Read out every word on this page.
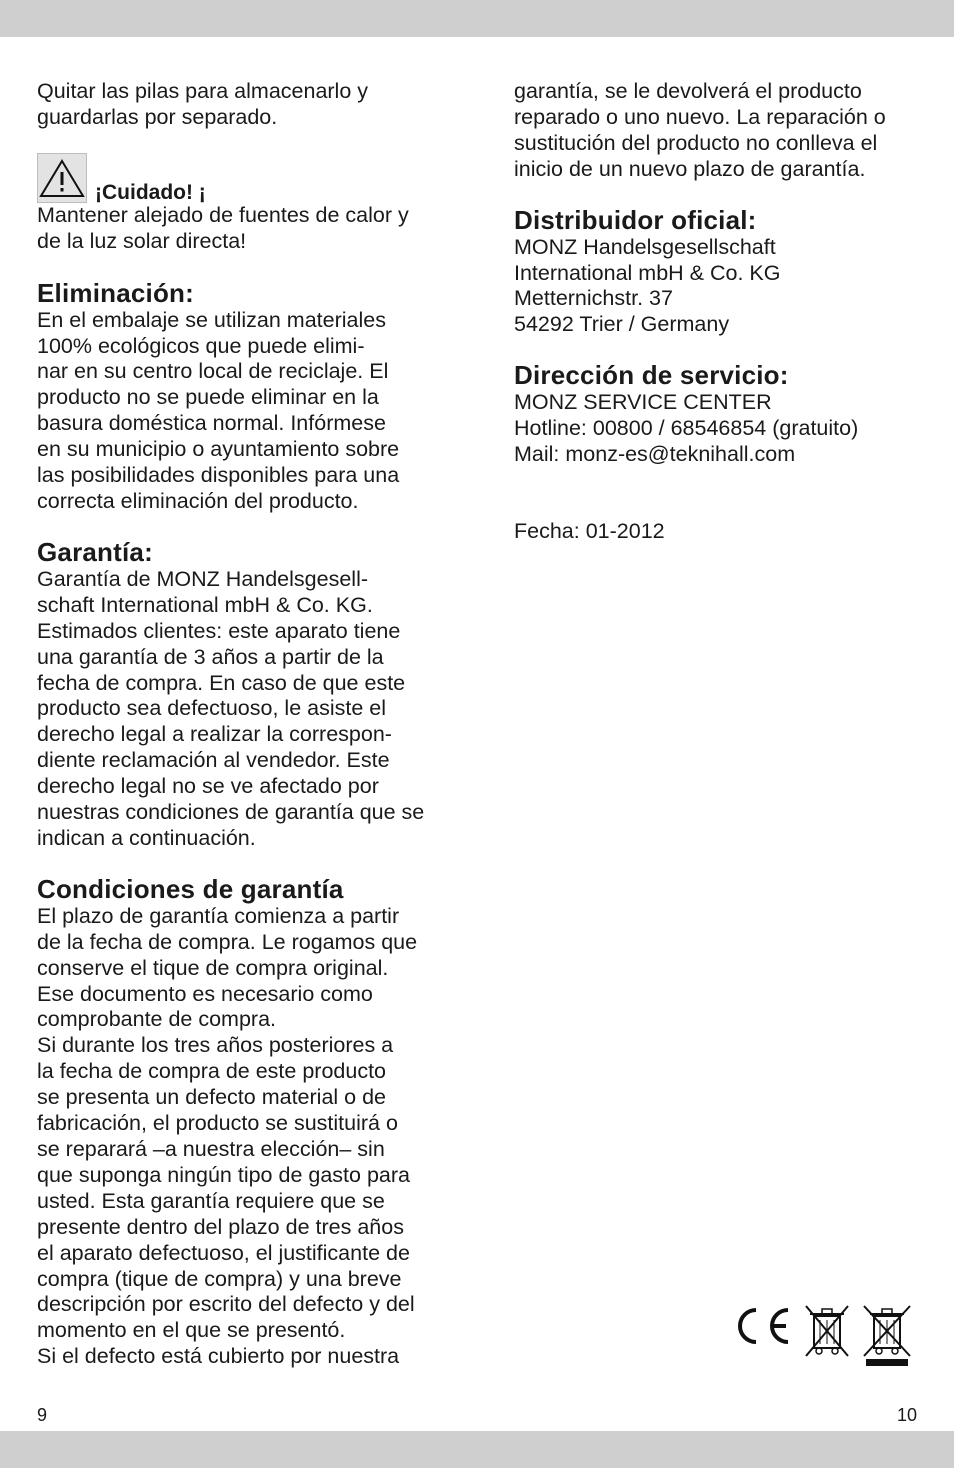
Quitar las pilas para almacenarlo y
guardarlas por separado.

¡Cuidado! ¡

Mantener alejado de fuentes de calor y
de la luz solar directa!

Eliminación:

En el embalaje se utilizan materiales
100% ecológicos que puede elimi-
nar en su centro local de reciclaje. El
producto no se puede eliminar en la
basura doméstica normal. Infórmese
en su municipio o ayuntamiento sobre
las posibilidades disponibles para una
correcta eliminación del producto.

Garantía:

Garantía de MONZ Handelsgesell-
schaft International mbH & Co. KG.
Estimados clientes: este aparato tiene
una garantía de 3 años a partir de la
fecha de compra. En caso de que este
producto sea defectuoso, le asiste el
derecho legal a realizar la correspon-
diente reclamación al vendedor. Este
derecho legal no se ve afectado por
nuestras condiciones de garantía que se
indican a continuación.

Condiciones de garantía

El plazo de garantía comienza a partir
de la fecha de compra. Le rogamos que
conserve el tique de compra original.
Ese documento es necesario como
comprobante de compra.
Si durante los tres años posteriores a
la fecha de compra de este producto
se presenta un defecto material o de
fabricación, el producto se sustituirá o
se reparará –a nuestra elección– sin
que suponga ningún tipo de gasto para
usted. Esta garantía requiere que se
presente dentro del plazo de tres años
el aparato defectuoso, el justificante de
compra (tique de compra) y una breve
descripción por escrito del defecto y del
momento en el que se presentó.
Si el defecto está cubierto por nuestra

garantía, se le devolverá el producto
reparado o uno nuevo. La reparación o
sustitución del producto no conlleva el
inicio de un nuevo plazo de garantía.

Distribuidor oficial:

MONZ Handelsgesellschaft
International mbH & Co. KG
Metternichstr. 37
54292 Trier / Germany

Dirección de servicio:

MONZ SERVICE CENTER
Hotline: 00800 / 68546854 (gratuito)
Mail: monz-es@teknihall.com

Fecha: 01-2012

9	10
